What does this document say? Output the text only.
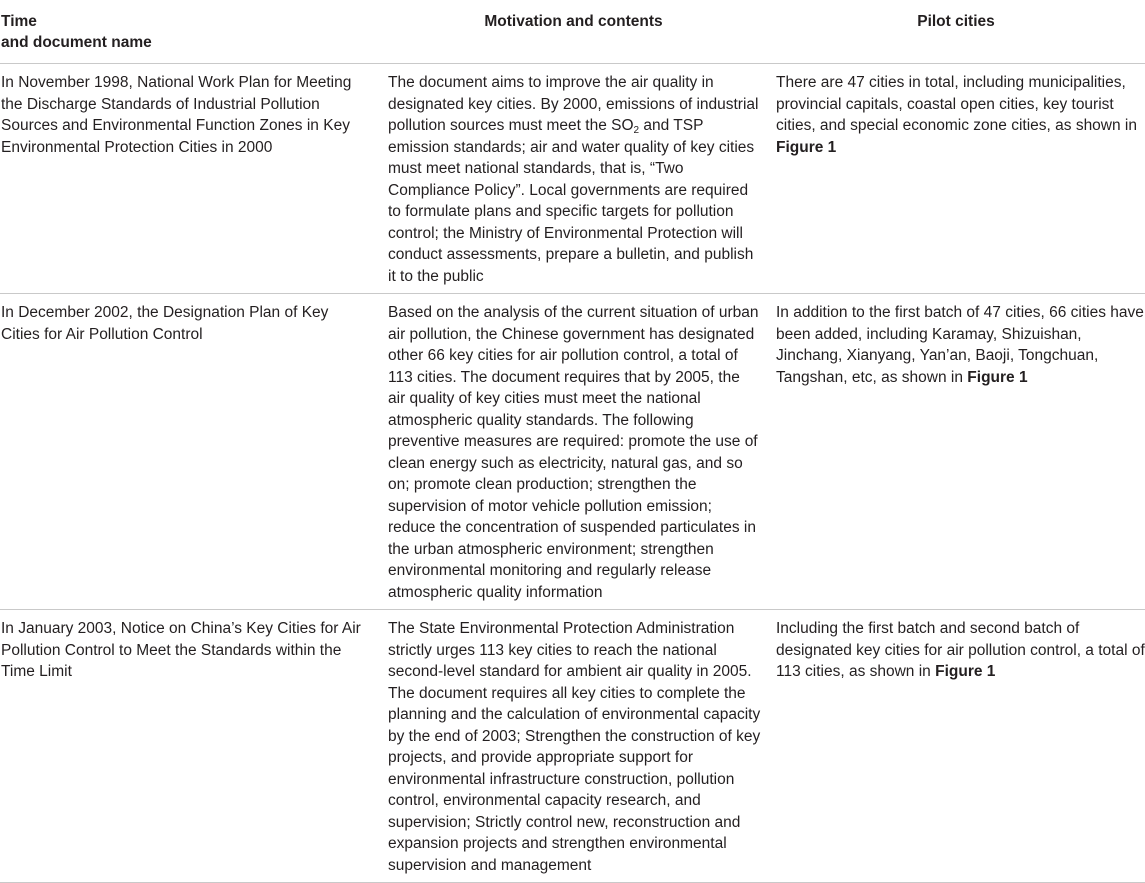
Time
and document name	Motivation and contents	Pilot cities
In November 1998, National Work Plan for Meeting the Discharge Standards of Industrial Pollution Sources and Environmental Function Zones in Key Environmental Protection Cities in 2000	The document aims to improve the air quality in designated key cities. By 2000, emissions of industrial pollution sources must meet the $SO_2$ and TSP emission standards; air and water quality of key cities must meet national standards, that is, “Two Compliance Policy”. Local governments are required to formulate plans and specific targets for pollution control; the Ministry of Environmental Protection will conduct assessments, prepare a bulletin, and publish it to the public	There are 47 cities in total, including municipalities, provincial capitals, coastal open cities, key tourist cities, and special economic zone cities, as shown in Figure 1
In December 2002, the Designation Plan of Key Cities for Air Pollution Control	Based on the analysis of the current situation of urban air pollution, the Chinese government has designated other 66 key cities for air pollution control, a total of 113 cities. The document requires that by 2005, the air quality of key cities must meet the national atmospheric quality standards. The following preventive measures are required: promote the use of clean energy such as electricity, natural gas, and so on; promote clean production; strengthen the supervision of motor vehicle pollution emission; reduce the concentration of suspended particulates in the urban atmospheric environment; strengthen environmental monitoring and regularly release atmospheric quality information	In addition to the first batch of 47 cities, 66 cities have been added, including Karamay, Shizuishan, Jinchang, Xianyang, Yan’an, Baoji, Tongchuan, Tangshan, etc, as shown in Figure 1
In January 2003, Notice on China’s Key Cities for Air Pollution Control to Meet the Standards within the Time Limit	The State Environmental Protection Administration strictly urges 113 key cities to reach the national second-level standard for ambient air quality in 2005. The document requires all key cities to complete the planning and the calculation of environmental capacity by the end of 2003; Strengthen the construction of key projects, and provide appropriate support for environmental infrastructure construction, pollution control, environmental capacity research, and supervision; Strictly control new, reconstruction and expansion projects and strengthen environmental supervision and management	Including the first batch and second batch of designated key cities for air pollution control, a total of 113 cities, as shown in Figure 1
